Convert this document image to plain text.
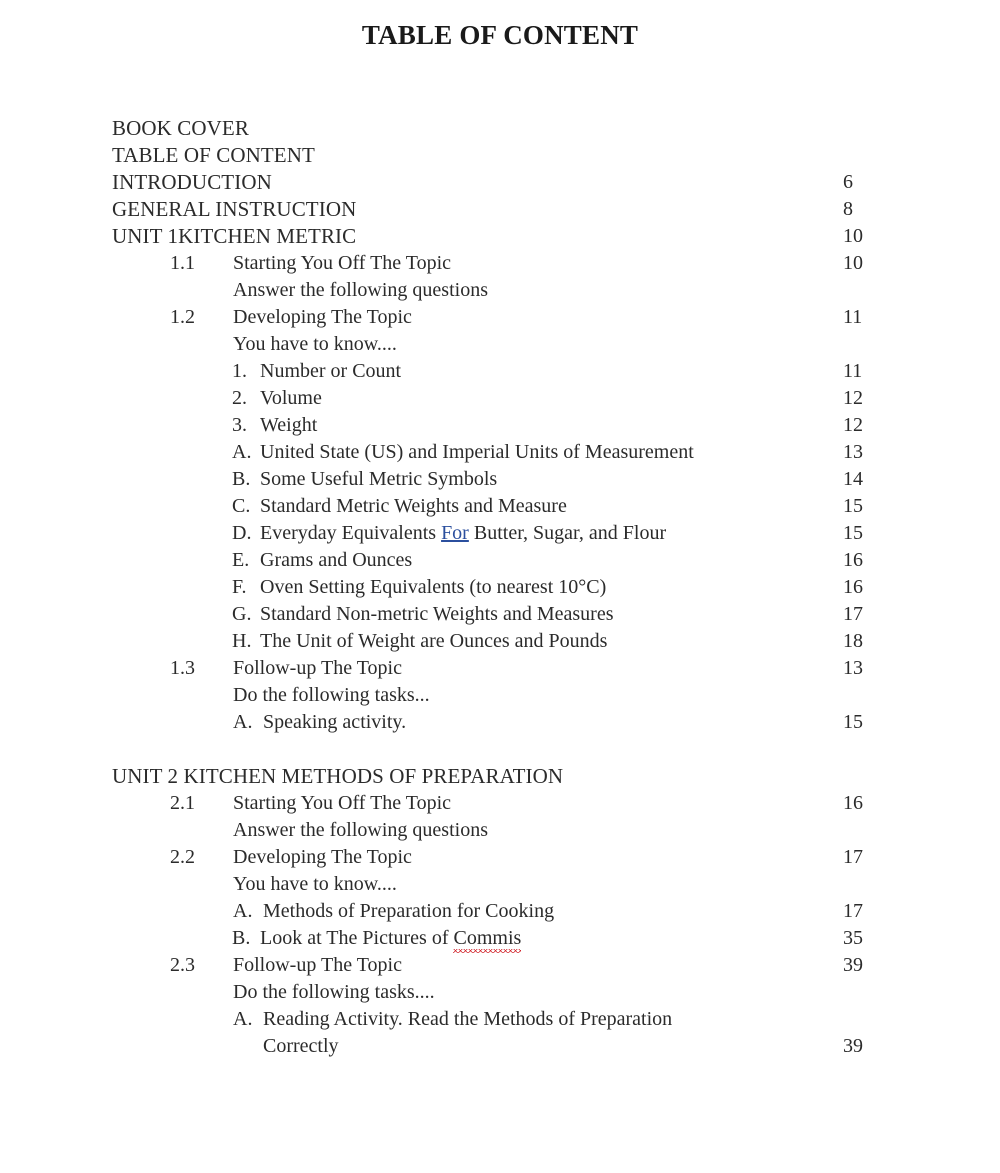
TABLE OF CONTENT
BOOK COVER
TABLE OF CONTENT
INTRODUCTION	6
GENERAL INSTRUCTION	8
UNIT 1KITCHEN METRIC	10
1.1	Starting You Off The Topic	10
Answer the following questions
1.2	Developing The Topic	11
You have to know....
1. Number or Count	11
2. Volume	12
3. Weight	12
A. United State (US) and Imperial Units of Measurement	13
B. Some Useful Metric Symbols	14
C. Standard Metric Weights and Measure	15
D. Everyday Equivalents For Butter, Sugar, and Flour	15
E. Grams and Ounces	16
F. Oven Setting Equivalents (to nearest 10°C)	16
G. Standard Non-metric Weights and Measures	17
H. The Unit of Weight are Ounces and Pounds	18
1.3	Follow-up The Topic	13
Do the following tasks...
A. Speaking activity.	15
UNIT 2 KITCHEN METHODS OF PREPARATION
2.1	Starting You Off The Topic	16
Answer the following questions
2.2	Developing The Topic	17
You have to know....
A. Methods of Preparation for Cooking	17
B. Look at The Pictures of Commis	35
2.3	Follow-up The Topic	39
Do the following tasks....
A. Reading Activity. Read the Methods of Preparation
Correctly	39
